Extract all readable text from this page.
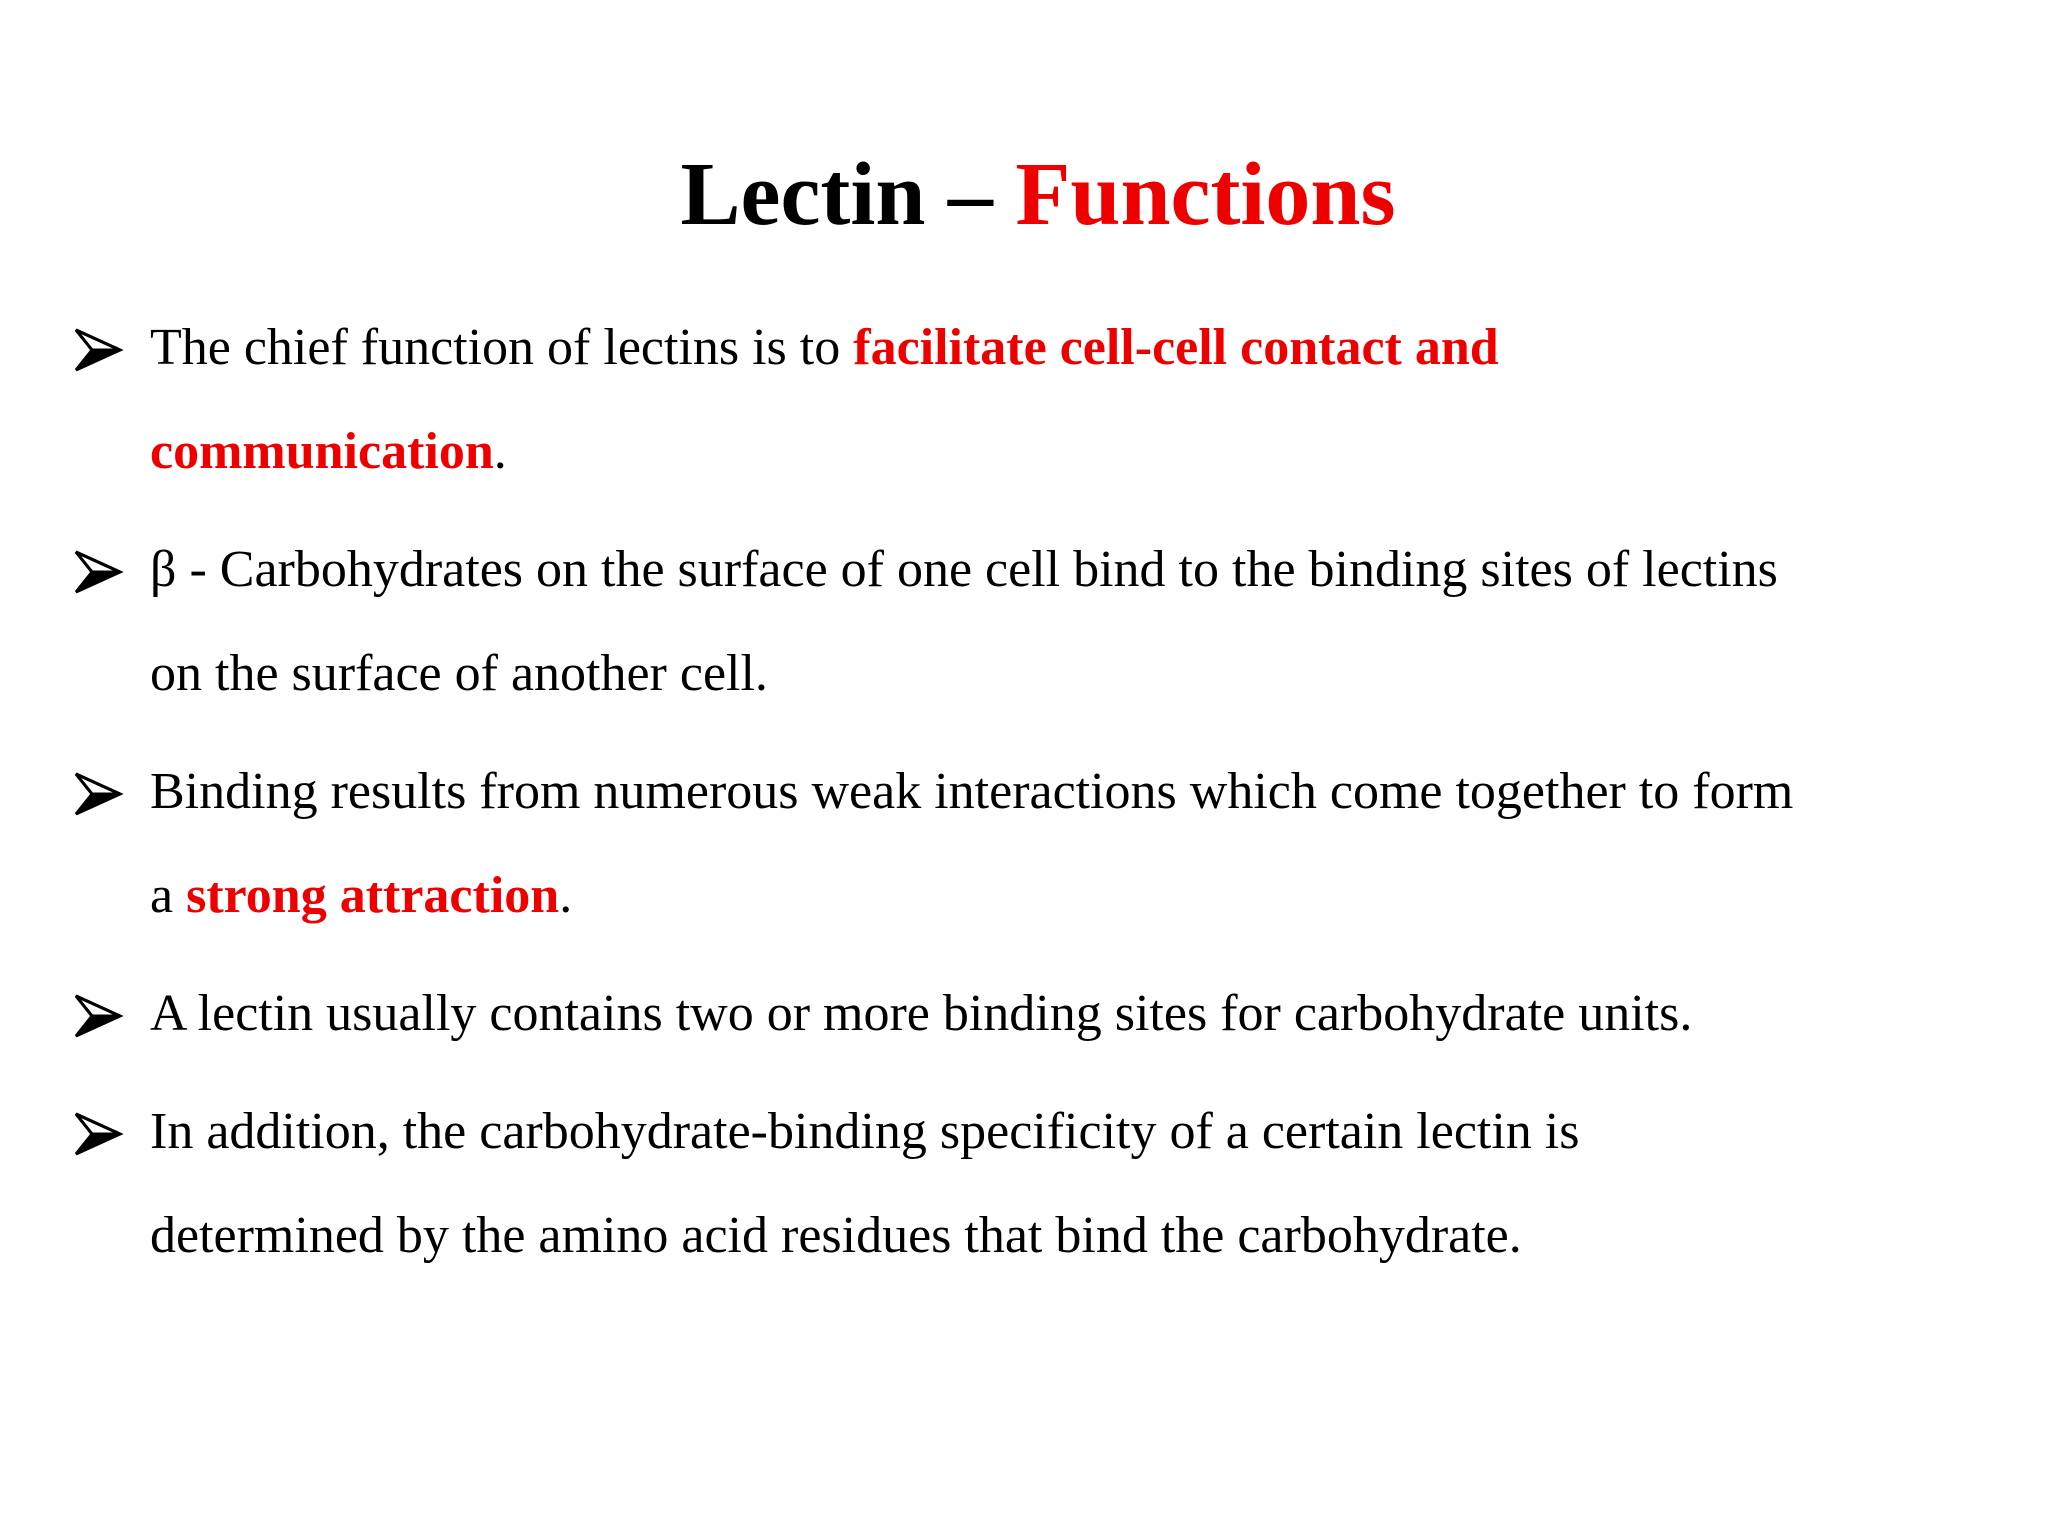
Lectin – Functions
The chief function of lectins is to facilitate cell-cell contact and
communication.
β - Carbohydrates on the surface of one cell bind to the binding sites of lectins
on the surface of another cell.
Binding results from numerous weak interactions which come together to form
a strong attraction.
A lectin usually contains two or more binding sites for carbohydrate units.
In addition, the carbohydrate-binding specificity of a certain lectin is
determined by the amino acid residues that bind the carbohydrate.
